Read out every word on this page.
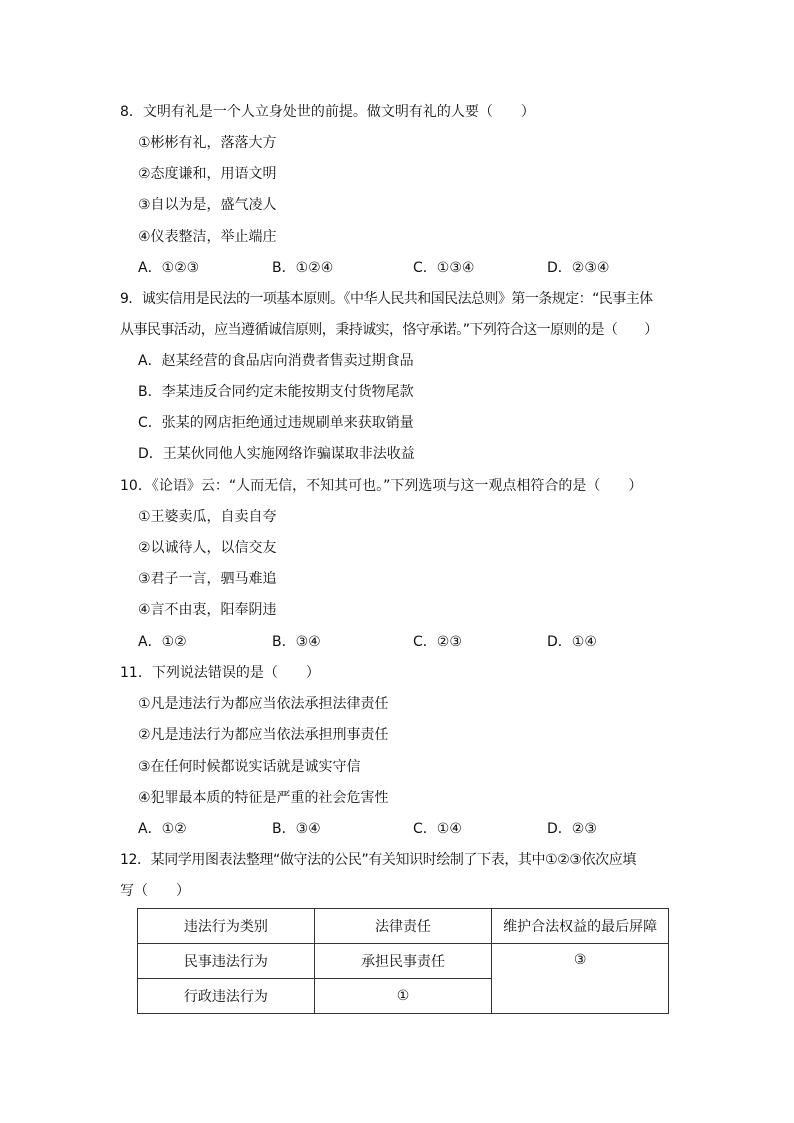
8．文明有礼是一个人立身处世的前提。做文明有礼的人要（　　）
①彬彬有礼，落落大方
②态度谦和，用语文明
③自以为是，盛气凌人
④仪表整洁，举止端庄
A．①②③	B．①②④	C．①③④	D．②③④
9．诚实信用是民法的一项基本原则。《中华人民共和国民法总则》第一条规定：“民事主体
从事民事活动，应当遵循诚信原则，秉持诚实，恪守承诺。”下列符合这一原则的是（　　）
A．赵某经营的食品店向消费者售卖过期食品
B．李某违反合同约定未能按期支付货物尾款
C．张某的网店拒绝通过违规刷单来获取销量
D．王某伙同他人实施网络诈骗谋取非法收益
10．《论语》云：“人而无信，不知其可也。”下列选项与这一观点相符合的是（　　）
①王婆卖瓜，自卖自夸
②以诚待人，以信交友
③君子一言，驷马难追
④言不由衷，阳奉阴违
A．①②	B．③④	C．②③	D．①④
11．下列说法错误的是（　　）
①凡是违法行为都应当依法承担法律责任
②凡是违法行为都应当依法承担刑事责任
③在任何时候都说实话就是诚实守信
④犯罪最本质的特征是严重的社会危害性
A．①②	B．③④	C．①④	D．②③
12．某同学用图表法整理“做守法的公民”有关知识时绘制了下表，其中①②③依次应填
写（　　）
违法行为类别	法律责任	维护合法权益的最后屏障
民事违法行为	承担民事责任	③
行政违法行为	①	
